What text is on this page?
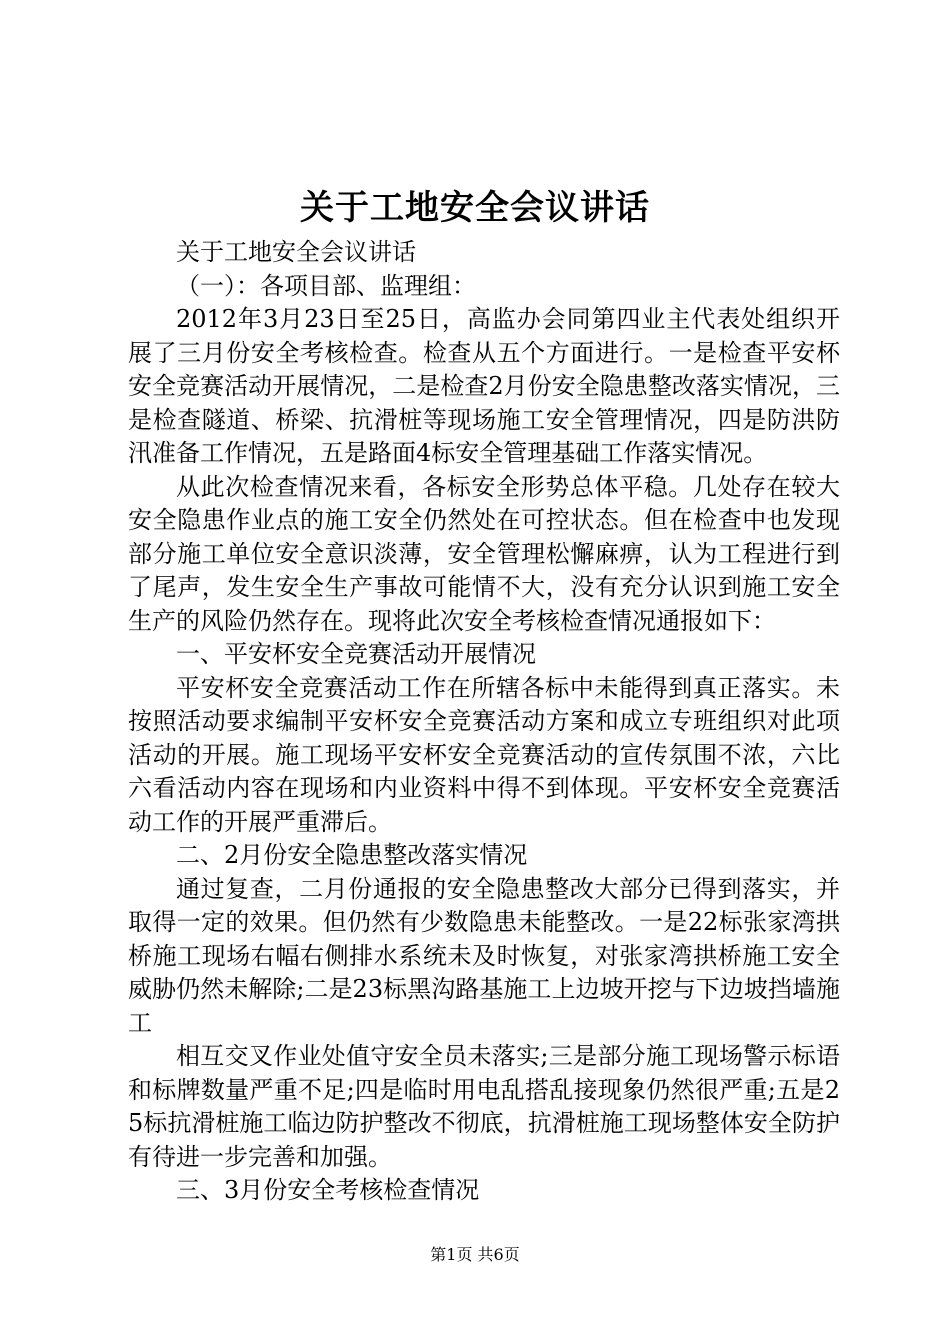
关于工地安全会议讲话

关于工地安全会议讲话

（一）：各项目部、监理组：

2012年3月23日至25日，高监办会同第四业主代表处组织开展了三月份安全考核检查。检查从五个方面进行。一是检查平安杯安全竞赛活动开展情况，二是检查2月份安全隐患整改落实情况，三是检查隧道、桥梁、抗滑桩等现场施工安全管理情况，四是防洪防汛准备工作情况，五是路面4标安全管理基础工作落实情况。

从此次检查情况来看，各标安全形势总体平稳。几处存在较大安全隐患作业点的施工安全仍然处在可控状态。但在检查中也发现部分施工单位安全意识淡薄，安全管理松懈麻痹，认为工程进行到了尾声，发生安全生产事故可能情不大，没有充分认识到施工安全生产的风险仍然存在。现将此次安全考核检查情况通报如下：

一、平安杯安全竞赛活动开展情况

平安杯安全竞赛活动工作在所辖各标中未能得到真正落实。未按照活动要求编制平安杯安全竞赛活动方案和成立专班组织对此项活动的开展。施工现场平安杯安全竞赛活动的宣传氛围不浓，六比六看活动内容在现场和内业资料中得不到体现。平安杯安全竞赛活动工作的开展严重滞后。

二、2月份安全隐患整改落实情况

通过复查，二月份通报的安全隐患整改大部分已得到落实，并取得一定的效果。但仍然有少数隐患未能整改。一是22标张家湾拱桥施工现场右幅右侧排水系统未及时恢复，对张家湾拱桥施工安全威胁仍然未解除;二是23标黑沟路基施工上边坡开挖与下边坡挡墙施工

相互交叉作业处值守安全员未落实;三是部分施工现场警示标语和标牌数量严重不足;四是临时用电乱搭乱接现象仍然很严重;五是25标抗滑桩施工临边防护整改不彻底，抗滑桩施工现场整体安全防护有待进一步完善和加强。

三、3月份安全考核检查情况

第1页 共6页
